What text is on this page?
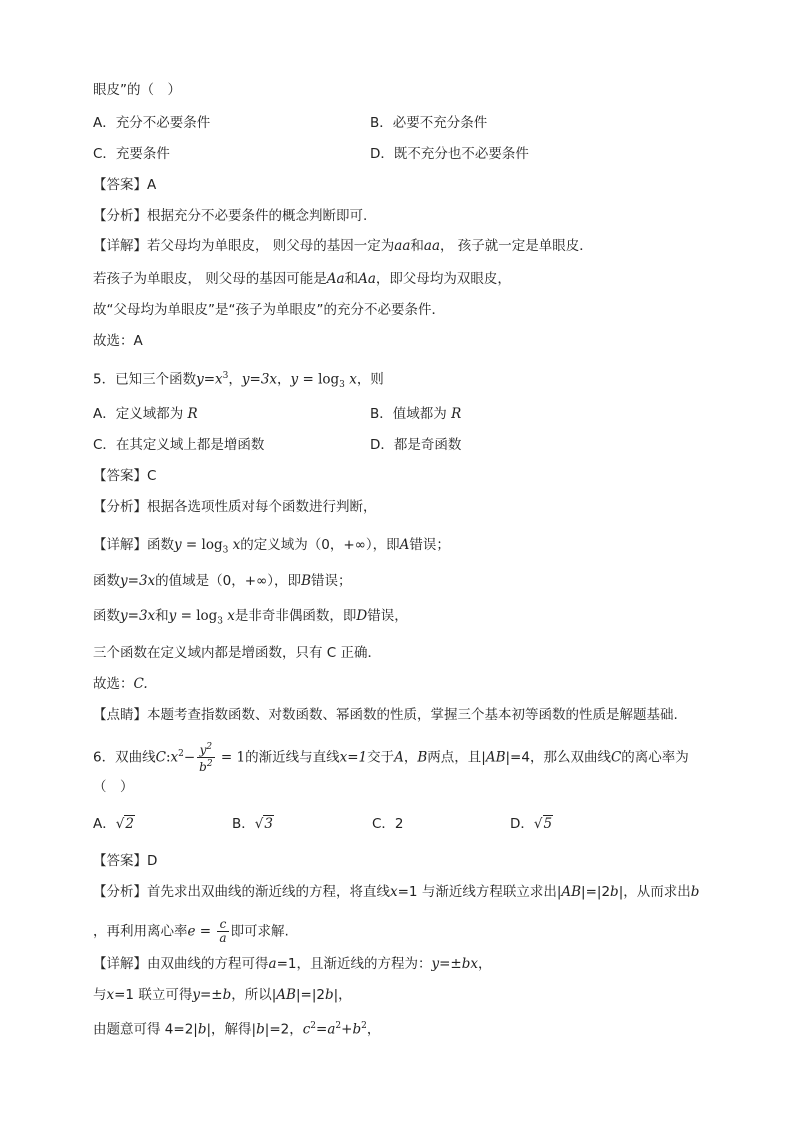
眼皮”的（　）
A．充分不必要条件	B．必要不充分条件
C．充要条件	D．既不充分也不必要条件
【答案】A
【分析】根据充分不必要条件的概念判断即可.
【详解】若父母均为单眼皮， 则父母的基因一定为aa和aa， 孩子就一定是单眼皮．
若孩子为单眼皮， 则父母的基因可能是Aa和Aa，即父母均为双眼皮，
故“父母均为单眼皮”是“孩子为单眼皮”的充分不必要条件．
故选：A
5．已知三个函数$y=x^3$，y=3x，$y = \log_3 x$，则
A．定义域都为 R	B．值域都为 R
C．在其定义域上都是增函数	D．都是奇函数
【答案】C
【分析】根据各选项性质对每个函数进行判断，
【详解】函数$y = \log_3 x$的定义域为（0，+∞），即A错误；
函数y=3x的值域是（0，+∞），即B错误；
函数y=3x和$y = \log_3 x$是非奇非偶函数，即D错误，
三个函数在定义域内都是增函数，只有 C 正确．
故选：C.
【点睛】本题考查指数函数、对数函数、幂函数的性质，掌握三个基本初等函数的性质是解题基础.
6．双曲线$C:x^2- \frac{y^2}{b^2} = 1$的渐近线与直线x=1交于A，B两点，且|AB|=4，那么双曲线C的离心率为
（　）
A．√2	B．√3	C．2	D．√5
【答案】D
【分析】首先求出双曲线的渐近线的方程，将直线x=1 与渐近线方程联立求出|AB|=|2b|，从而求出b
，再利用离心率$e = \frac{c}{a}$ 即可求解.
【详解】由双曲线的方程可得a=1，且渐近线的方程为：y=±bx，
与x=1 联立可得y=±b，所以|AB|=|2b|，
由题意可得 4=2|b|，解得|b|=2，$c^2=a^2+b^2$，
